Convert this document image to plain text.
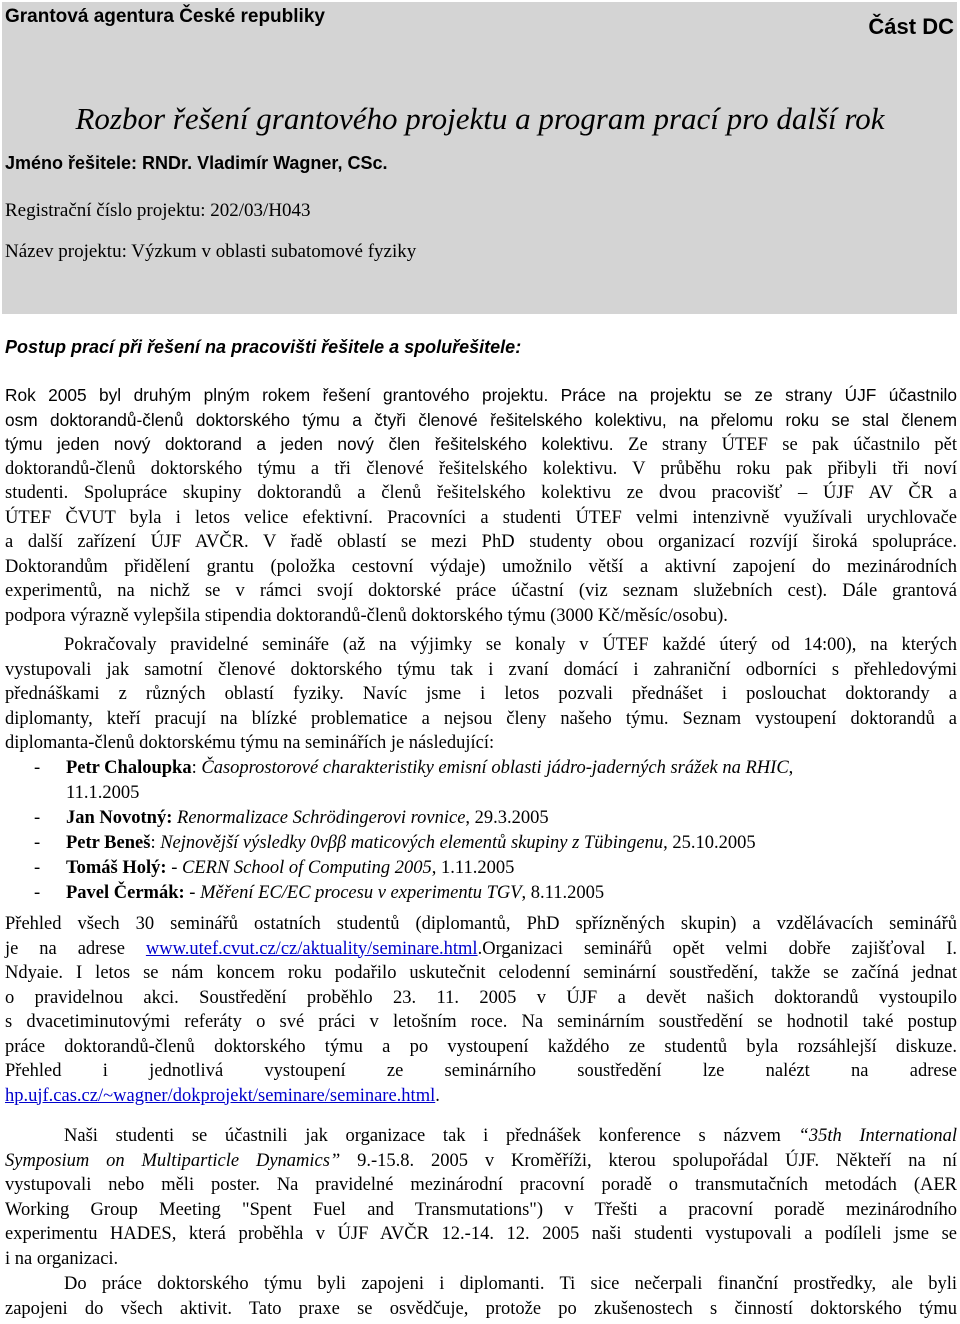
Grantová agentura České republiky	Část DC
Rozbor řešení grantového projektu a program prací pro další rok
Jméno řešitele: RNDr. Vladimír Wagner, CSc.
Registrační číslo projektu: 202/03/H043
Název projektu: Výzkum v oblasti subatomové fyziky
Postup prací při řešení na pracovišti řešitele a spoluřešitele:
Rok 2005 byl druhým plným rokem řešení grantového projektu. Práce na projektu se ze strany ÚJF účastnilo
osm doktorandů-členů doktorského týmu a čtyři členové řešitelského kolektivu, na přelomu roku se stal členem
týmu jeden nový doktorand a jeden nový člen řešitelského kolektivu. Ze strany ÚTEF se pak účastnilo pět
doktorandů-členů doktorského týmu a tři členové řešitelského kolektivu. V průběhu roku pak přibyli tři noví
studenti. Spolupráce skupiny doktorandů a členů řešitelského kolektivu ze dvou pracovišť – ÚJF AV ČR a
ÚTEF ČVUT byla i letos velice efektivní. Pracovníci a studenti ÚTEF velmi intenzivně využívali urychlovače
a další zařízení ÚJF AVČR. V řadě oblastí se mezi PhD studenty obou organizací rozvíjí široká spolupráce.
Doktorandům přidělení grantu (položka cestovní výdaje) umožnilo větší a aktivní zapojení do mezinárodních
experimentů, na nichž se v rámci svojí doktorské práce účastní (viz seznam služebních cest). Dále grantová
podpora výrazně vylepšila stipendia doktorandů-členů doktorského týmu (3000 Kč/měsíc/osobu).
Pokračovaly pravidelné semináře (až na výjimky se konaly v ÚTEF každé úterý od 14:00), na kterých
vystupovali jak samotní členové doktorského týmu tak i zvaní domácí i zahraniční odborníci s přehledovými
přednáškami z různých oblastí fyziky. Navíc jsme i letos pozvali přednášet i poslouchat doktorandy a
diplomanty, kteří pracují na blízké problematice a nejsou členy našeho týmu. Seznam vystoupení doktorandů a
diplomanta-členů doktorskému týmu na seminářích je následující:
- Petr Chaloupka: Časoprostorové charakteristiky emisní oblasti jádro-jaderných srážek na RHIC,
11.1.2005
- Jan Novotný: Renormalizace Schrödingerovi rovnice, 29.3.2005
- Petr Beneš: Nejnovější výsledky 0νββ maticových elementů skupiny z Tübingenu, 25.10.2005
- Tomáš Holý: - CERN School of Computing 2005, 1.11.2005
- Pavel Čermák: - Měření EC/EC procesu v experimentu TGV, 8.11.2005
Přehled všech 30 seminářů ostatních studentů (diplomantů, PhD spřízněných skupin) a vzdělávacích seminářů
je na adrese www.utef.cvut.cz/cz/aktuality/seminare.html.Organizaci seminářů opět velmi dobře zajišťoval I.
Ndyaie. I letos se nám koncem roku podařilo uskutečnit celodenní seminární soustředění, takže se začíná jednat
o pravidelnou akci. Soustředění proběhlo 23. 11. 2005 v ÚJF a devět našich doktorandů vystoupilo
s dvacetiminutovými referáty o své práci v letošním roce. Na seminárním soustředění se hodnotil také postup
práce doktorandů-členů doktorského týmu a po vystoupení každého ze studentů byla rozsáhlejší diskuze.
Přehled i jednotlivá vystoupení ze seminárního soustředění lze nalézt na adrese
hp.ujf.cas.cz/~wagner/dokprojekt/seminare/seminare.html.
Naši studenti se účastnili jak organizace tak i přednášek konference s názvem “35th International
Symposium on Multiparticle Dynamics” 9.-15.8. 2005 v Kroměříži, kterou spolupořádal ÚJF. Někteří na ní
vystupovali nebo měli poster. Na pravidelné mezinárodní pracovní poradě o transmutačních metodách (AER
Working Group Meeting "Spent Fuel and Transmutations") v Třešti a pracovní poradě mezinárodního
experimentu HADES, která proběhla v ÚJF AVČR 12.-14. 12. 2005 naši studenti vystupovali a podíleli jsme se
i na organizaci.
Do práce doktorského týmu byli zapojeni i diplomanti. Ti sice nečerpali finanční prostředky, ale byli
zapojeni do všech aktivit. Tato praxe se osvědčuje, protože po zkušenostech s činností doktorského týmu
